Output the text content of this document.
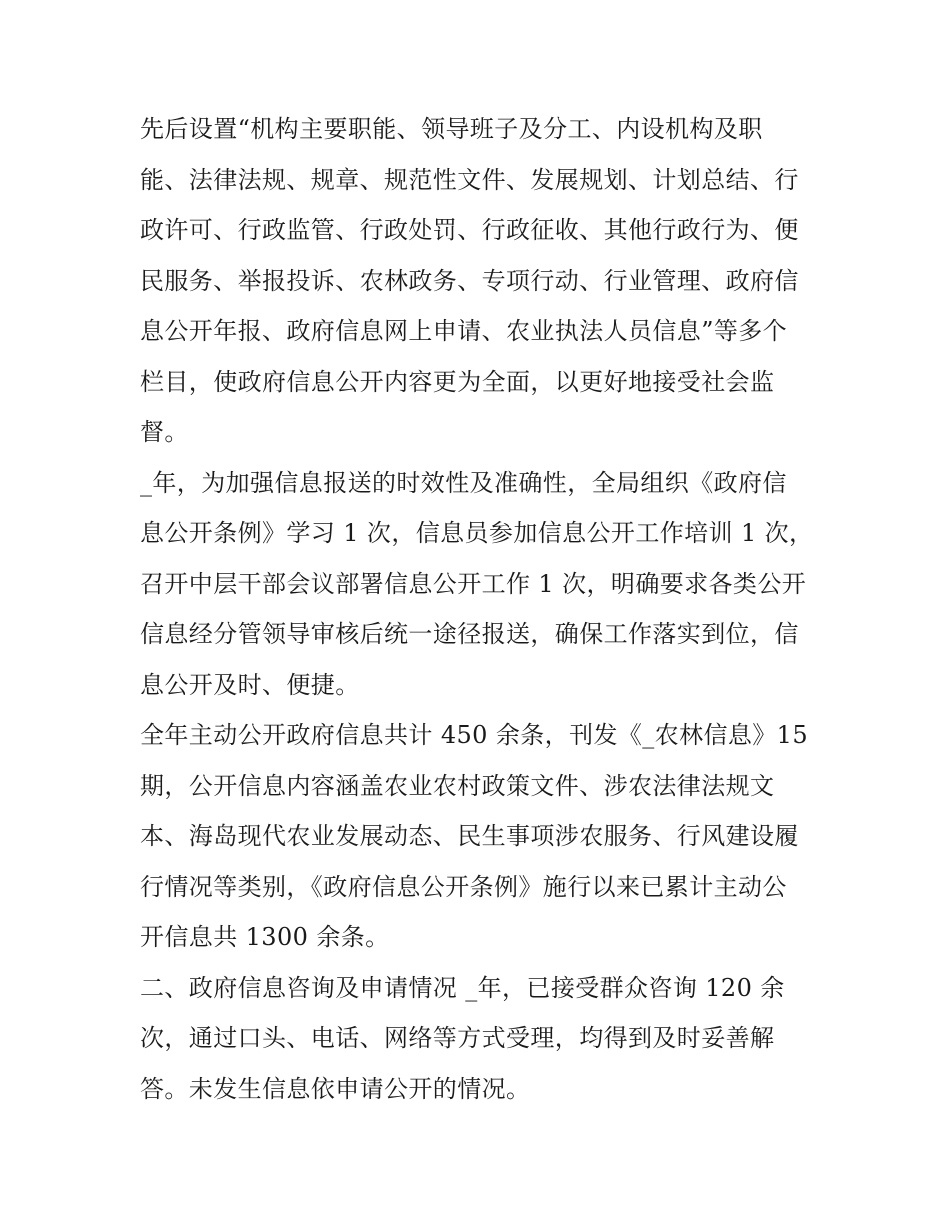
先后设置“机构主要职能、领导班子及分工、内设机构及职
能、法律法规、规章、规范性文件、发展规划、计划总结、行
政许可、行政监管、行政处罚、行政征收、其他行政行为、便
民服务、举报投诉、农林政务、专项行动、行业管理、政府信
息公开年报、政府信息网上申请、农业执法人员信息”等多个
栏目，使政府信息公开内容更为全面，以更好地接受社会监
督。

_年，为加强信息报送的时效性及准确性，全局组织《政府信
息公开条例》学习 1 次，信息员参加信息公开工作培训 1 次，
召开中层干部会议部署信息公开工作 1 次，明确要求各类公开
信息经分管领导审核后统一途径报送，确保工作落实到位，信
息公开及时、便捷。

全年主动公开政府信息共计 450 余条，刊发《_农林信息》15
期，公开信息内容涵盖农业农村政策文件、涉农法律法规文
本、海岛现代农业发展动态、民生事项涉农服务、行风建设履
行情况等类别，《政府信息公开条例》施行以来已累计主动公
开信息共 1300 余条。

二、政府信息咨询及申请情况 _年，已接受群众咨询 120 余
次，通过口头、电话、网络等方式受理，均得到及时妥善解
答。未发生信息依申请公开的情况。
